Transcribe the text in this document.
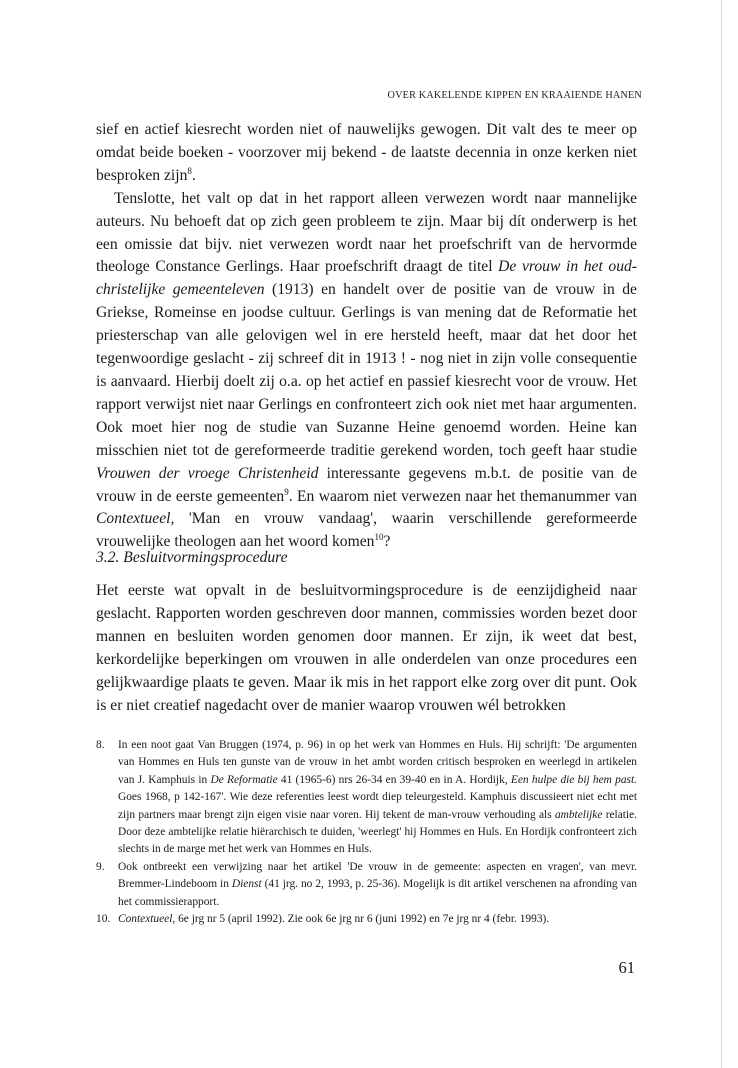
OVER KAKELENDE KIPPEN EN KRAAIENDE HANEN

sief en actief kiesrecht worden niet of nauwelijks gewogen. Dit valt des te meer op omdat beide boeken - voorzover mij bekend - de laatste decennia in onze kerken niet besproken zijn$^8$.

Tenslotte, het valt op dat in het rapport alleen verwezen wordt naar mannelijke auteurs. Nu behoeft dat op zich geen probleem te zijn. Maar bij dít onderwerp is het een omissie dat bijv. niet verwezen wordt naar het proefschrift van de hervormde theologe Constance Gerlings. Haar proefschrift draagt de titel De vrouw in het oud-christelijke gemeenteleven (1913) en handelt over de positie van de vrouw in de Griekse, Romeinse en joodse cultuur. Gerlings is van mening dat de Reformatie het priesterschap van alle gelovigen wel in ere hersteld heeft, maar dat het door het tegenwoordige geslacht - zij schreef dit in 1913 ! - nog niet in zijn volle consequentie is aanvaard. Hierbij doelt zij o.a. op het actief en passief kiesrecht voor de vrouw. Het rapport verwijst niet naar Gerlings en confronteert zich ook niet met haar argumenten. Ook moet hier nog de studie van Suzanne Heine genoemd worden. Heine kan misschien niet tot de gereformeerde traditie gerekend worden, toch geeft haar studie Vrouwen der vroege Christenheid interessante gegevens m.b.t. de positie van de vrouw in de eerste gemeenten$^9$. En waarom niet verwezen naar het themanummer van Contextueel, 'Man en vrouw vandaag', waarin verschillende gereformeerde vrouwelijke theologen aan het woord komen$^{10}$?

3.2. Besluitvormingsprocedure
Het eerste wat opvalt in de besluitvormingsprocedure is de eenzijdigheid naar geslacht. Rapporten worden geschreven door mannen, commissies worden bezet door mannen en besluiten worden genomen door mannen. Er zijn, ik weet dat best, kerkordelijke beperkingen om vrouwen in alle onderdelen van onze procedures een gelijkwaardige plaats te geven. Maar ik mis in het rapport elke zorg over dit punt. Ook is er niet creatief nagedacht over de manier waarop vrouwen wél betrokken
8.	In een noot gaat Van Bruggen (1974, p. 96) in op het werk van Hommes en Huls. Hij schrijft: 'De argumenten van Hommes en Huls ten gunste van de vrouw in het ambt worden critisch besproken en weerlegd in artikelen van J. Kamphuis in De Reformatie 41 (1965-6) nrs 26-34 en 39-40 en in A. Hordijk, Een hulpe die bij hem past. Goes 1968, p 142-167'. Wie deze referenties leest wordt diep teleurgesteld. Kamphuis discussieert niet echt met zijn partners maar brengt zijn eigen visie naar voren. Hij tekent de man-vrouw verhouding als ambtelijke relatie. Door deze ambtelijke relatie hiërarchisch te duiden, 'weerlegt' hij Hommes en Huls. En Hordijk confronteert zich slechts in de marge met het werk van Hommes en Huls.
9.	Ook ontbreekt een verwijzing naar het artikel 'De vrouw in de gemeente: aspecten en vragen', van mevr. Bremmer-Lindeboom in Dienst (41 jrg. no 2, 1993, p. 25-36). Mogelijk is dit artikel verschenen na afronding van het commissierapport.
10. Contextueel, 6e jrg nr 5 (april 1992). Zie ook 6e jrg nr 6 (juni 1992) en 7e jrg nr 4 (febr. 1993).
61
